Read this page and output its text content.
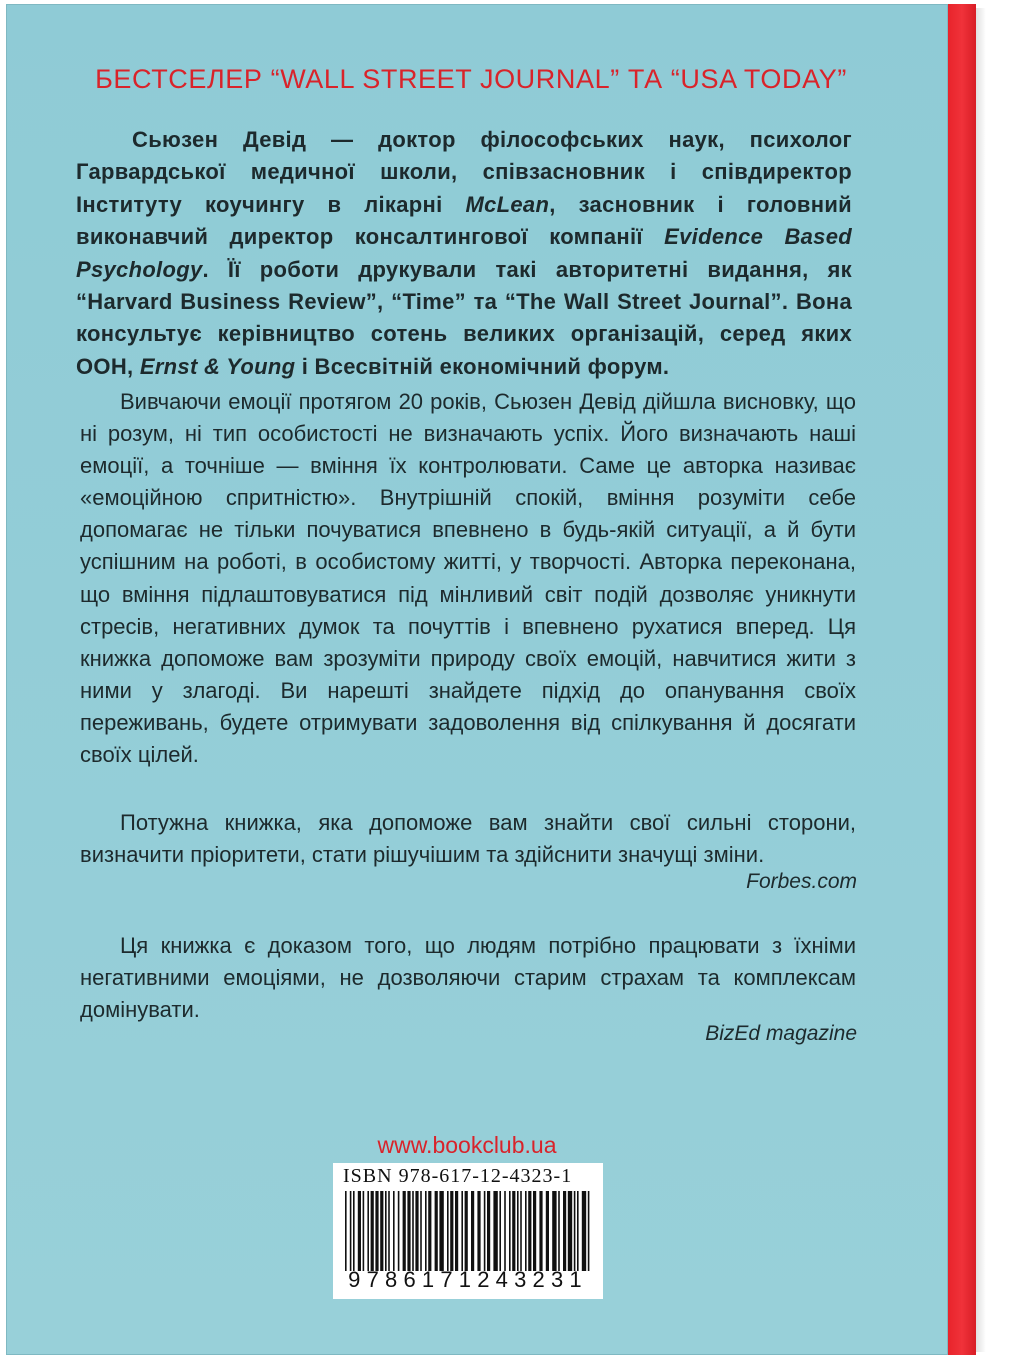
БЕСТСЕЛЕР “WALL STREET JOURNAL” ТА “USA TODAY”
Сьюзен Девід — доктор філософських наук, психолог Гарвардської медичної школи, співзасновник і співдиректор Інституту коучингу в лікарні McLean, засновник і головний виконавчий директор консалтингової компанії Evidence Based Psychology. Її роботи друкували такі авторитетні видання, як “Harvard Business Review”, “Time” та “The Wall Street Journal”. Вона консультує керівництво сотень великих організацій, серед яких ООН, Ernst & Young і Всесвітній економічний форум.
Вивчаючи емоції протягом 20 років, Сьюзен Девід дійшла висновку, що ні розум, ні тип особистості не визначають успіх. Його визначають наші емоції, а точніше — вміння їх контролювати. Саме це авторка називає «емоційною спритністю». Внутрішній спокій, вміння розуміти себе допомагає не тільки почуватися впевнено в будь-якій ситуації, а й бути успішним на роботі, в особистому житті, у творчості. Авторка переконана, що вміння підлаштовуватися під мінливий світ подій дозволяє уникнути стресів, негативних думок та почуттів і впевнено рухатися вперед. Ця книжка допоможе вам зрозуміти природу своїх емоцій, навчитися жити з ними у злагоді. Ви нарешті знайдете підхід до опанування своїх переживань, будете отримувати задоволення від спілкування й досягати своїх цілей.
Потужна книжка, яка допоможе вам знайти свої сильні сторони, визначити пріоритети, стати рішучішим та здійснити значущі зміни.
Forbes.com
Ця книжка є доказом того, що людям потрібно працювати з їхніми негативними емоціями, не дозволяючи старим страхам та комплексам домінувати.
BizEd magazine
www.bookclub.ua
ISBN 978-617-12-4323-1
9786171243231
